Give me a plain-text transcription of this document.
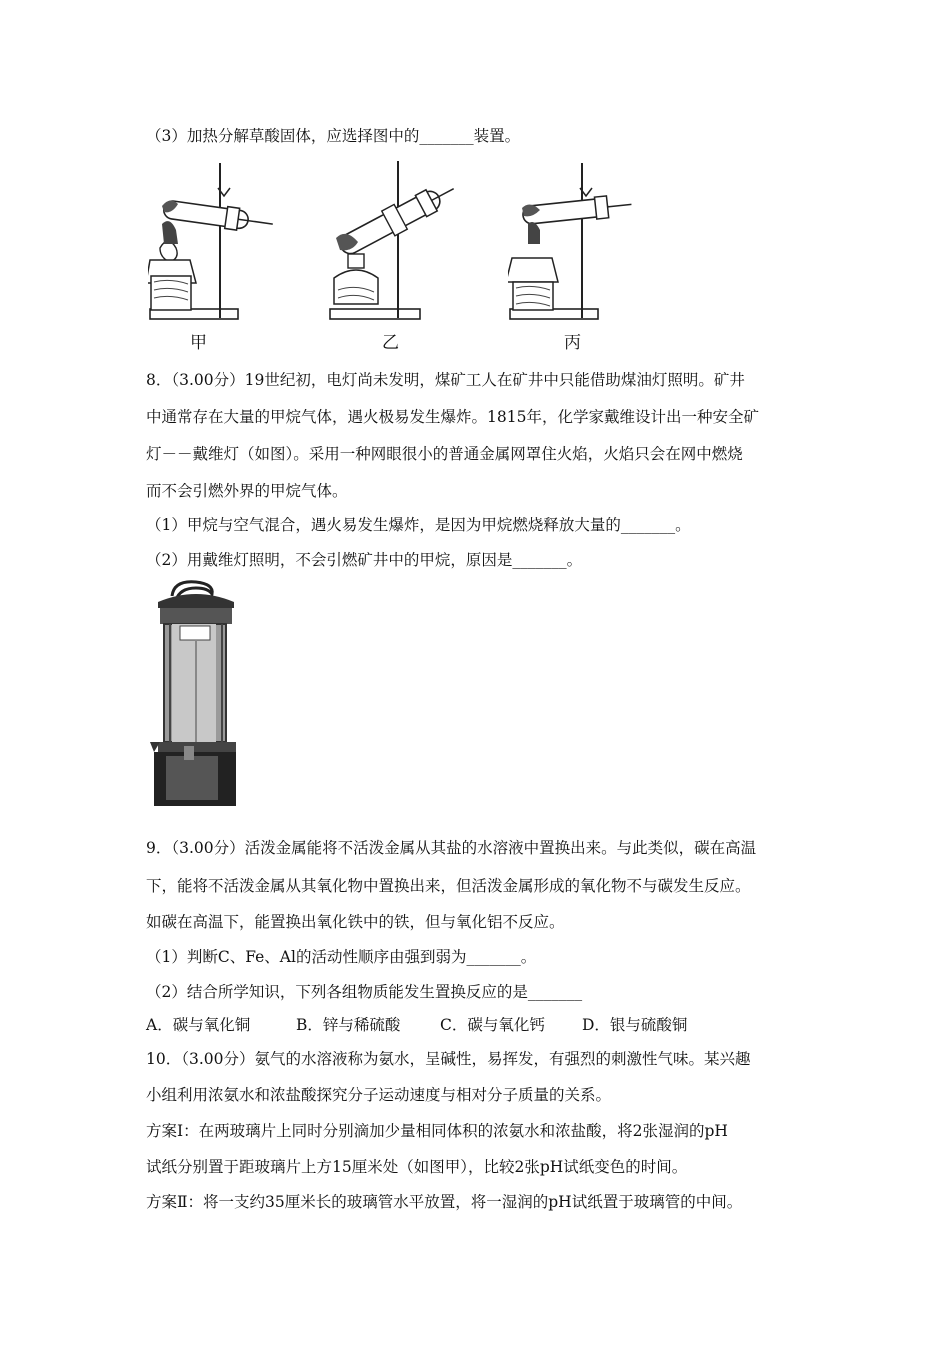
（3）加热分解草酸固体，应选择图中的_______装置。
甲	乙	丙
8．（3.00分）19世纪初，电灯尚未发明，煤矿工人在矿井中只能借助煤油灯照明。矿井
中通常存在大量的甲烷气体，遇火极易发生爆炸。1815年，化学家戴维设计出一种安全矿
灯－－戴维灯（如图）。采用一种网眼很小的普通金属网罩住火焰，火焰只会在网中燃烧
而不会引燃外界的甲烷气体。
（1）甲烷与空气混合，遇火易发生爆炸，是因为甲烷燃烧释放大量的_______。
（2）用戴维灯照明，不会引燃矿井中的甲烷，原因是_______。
9．（3.00分）活泼金属能将不活泼金属从其盐的水溶液中置换出来。与此类似，碳在高温
下，能将不活泼金属从其氧化物中置换出来，但活泼金属形成的氧化物不与碳发生反应。
如碳在高温下，能置换出氧化铁中的铁，但与氧化铝不反应。
（1）判断C、Fe、Al的活动性顺序由强到弱为_______。
（2）结合所学知识，下列各组物质能发生置换反应的是_______
A．碳与氧化铜	B．锌与稀硫酸	C．碳与氧化钙 D．银与硫酸铜
10．（3.00分）氨气的水溶液称为氨水，呈碱性，易挥发，有强烈的刺激性气味。某兴趣
小组利用浓氨水和浓盐酸探究分子运动速度与相对分子质量的关系。
方案Ⅰ：在两玻璃片上同时分别滴加少量相同体积的浓氨水和浓盐酸，将2张湿润的pH
试纸分别置于距玻璃片上方15厘米处（如图甲），比较2张pH试纸变色的时间。
方案Ⅱ：将一支约35厘米长的玻璃管水平放置，将一湿润的pH试纸置于玻璃管的中间。
